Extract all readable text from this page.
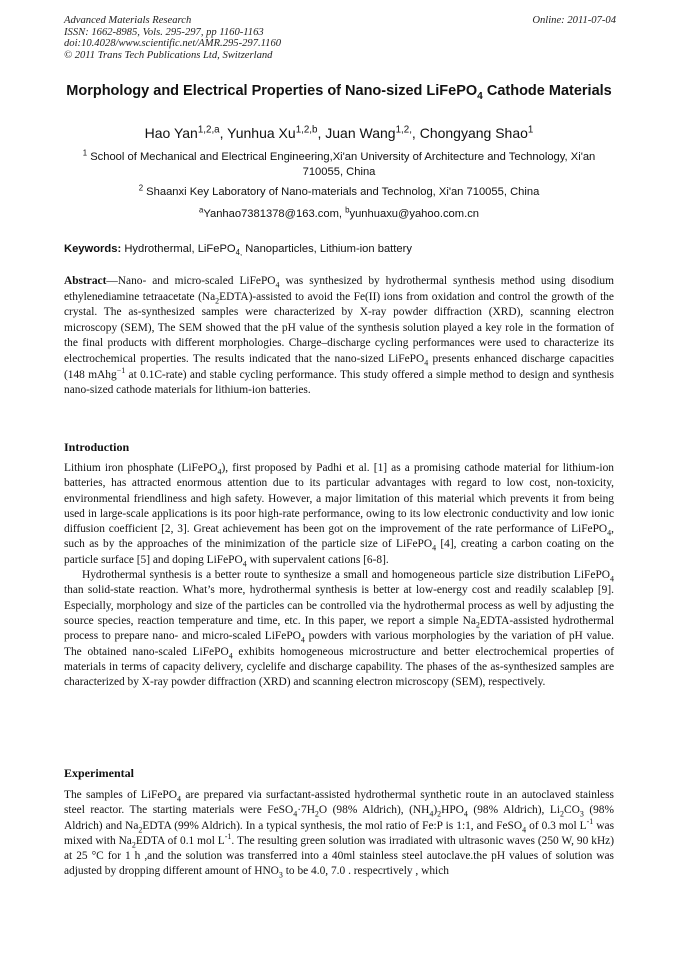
Advanced Materials Research
ISSN: 1662-8985, Vols. 295-297, pp 1160-1163
doi:10.4028/www.scientific.net/AMR.295-297.1160
© 2011 Trans Tech Publications Ltd, Switzerland
Online: 2011-07-04
Morphology and Electrical Properties of Nano-sized LiFePO$_4$ Cathode Materials
Hao Yan$^{1,2,a}$, Yunhua Xu$^{1,2,b}$, Juan Wang$^{1,2,}$, Chongyang Shao$^1$
$^1$ School of Mechanical and Electrical Engineering,Xi'an University of Architecture and Technology, Xi'an 710055, China
$^2$ Shaanxi Key Laboratory of Nano-materials and Technolog, Xi'an 710055, China
$^a$Yanhao7381378@163.com, $^b$yunhuaxu@yahoo.com.cn
Keywords: Hydrothermal, LiFePO$_{4,}$ Nanoparticles, Lithium-ion battery
Abstract—Nano- and micro-scaled LiFePO$_4$ was synthesized by hydrothermal synthesis method using disodium ethylenediamine tetraacetate $(Na_2EDTA)$-assisted to avoid the Fe(II) ions from oxidation and control the growth of the crystal. The as-synthesized samples were characterized by X-ray powder diffraction (XRD), scanning electron microscopy (SEM), The SEM showed that the pH value of the synthesis solution played a key role in the formation of the final products with different morphologies. Charge–discharge cycling performances were used to characterize its electrochemical properties. The results indicated that the nano-sized LiFePO$_4$ presents enhanced discharge capacities (148 mAhg$^{-1}$ at 0.1C-rate) and stable cycling performance. This study offered a simple method to design and synthesis nano-sized cathode materials for lithium-ion batteries.
Introduction

Lithium iron phosphate (LiFePO$_4$), first proposed by Padhi et al. [1] as a promising cathode material for lithium-ion batteries, has attracted enormous attention due to its particular advantages with regard to low cost, non-toxicity, environmental friendliness and high safety. However, a major limitation of this material which prevents it from being used in large-scale applications is its poor high-rate performance, owing to its low electronic conductivity and low ionic diffusion coefficient [2, 3]. Great achievement has been got on the improvement of the rate performance of LiFePO$_4$, such as by the approaches of the minimization of the particle size of LiFePO$_4$ [4], creating a carbon coating on the particle surface [5] and doping LiFePO$_4$ with supervalent cations [6-8].

Hydrothermal synthesis is a better route to synthesize a small and homogeneous particle size distribution LiFePO$_4$ than solid-state reaction. What’s more, hydrothermal synthesis is better at low-energy cost and readily scalablep [9]. Especially, morphology and size of the particles can be controlled via the hydrothermal process as well by adjusting the source species, reaction temperature and time, etc. In this paper, we report a simple $Na_2EDTA$-assisted hydrothermal process to prepare nano- and micro-scaled LiFePO$_4$ powders with various morphologies by the variation of pH value. The obtained nano-scaled LiFePO$_4$ exhibits homogeneous microstructure and better electrochemical properties of materials in terms of capacity delivery, cyclelife and discharge capability. The phases of the as-synthesized samples are characterized by X-ray powder diffraction (XRD) and scanning electron microscopy (SEM), respectively.

Experimental

The samples of LiFePO$_4$ are prepared via surfactant-assisted hydrothermal synthetic route in an autoclaved stainless steel reactor. The starting materials were $FeSO_4\cdot 7H_2O$ (98% Aldrich), $(NH_4)_2HPO_4$ (98% Aldrich), $Li_2CO_3$ (98% Aldrich) and $Na_2EDTA$ (99% Aldrich). In a typical synthesis, the mol ratio of Fe:P is 1:1, and FeSO$_4$ of 0.3 mol $L^{-1}$ was mixed with $Na_2EDTA$ of 0.1 mol $L^{-1}$. The resulting green solution was irradiated with ultrasonic waves (250 W, 90 kHz) at 25 °C for 1 h ,and the solution was transferred into a 40ml stainless steel autoclave.the pH values of solution was adjusted by dropping different amount of $HNO_3$ to be 4.0, 7.0 . respecrtively , which
